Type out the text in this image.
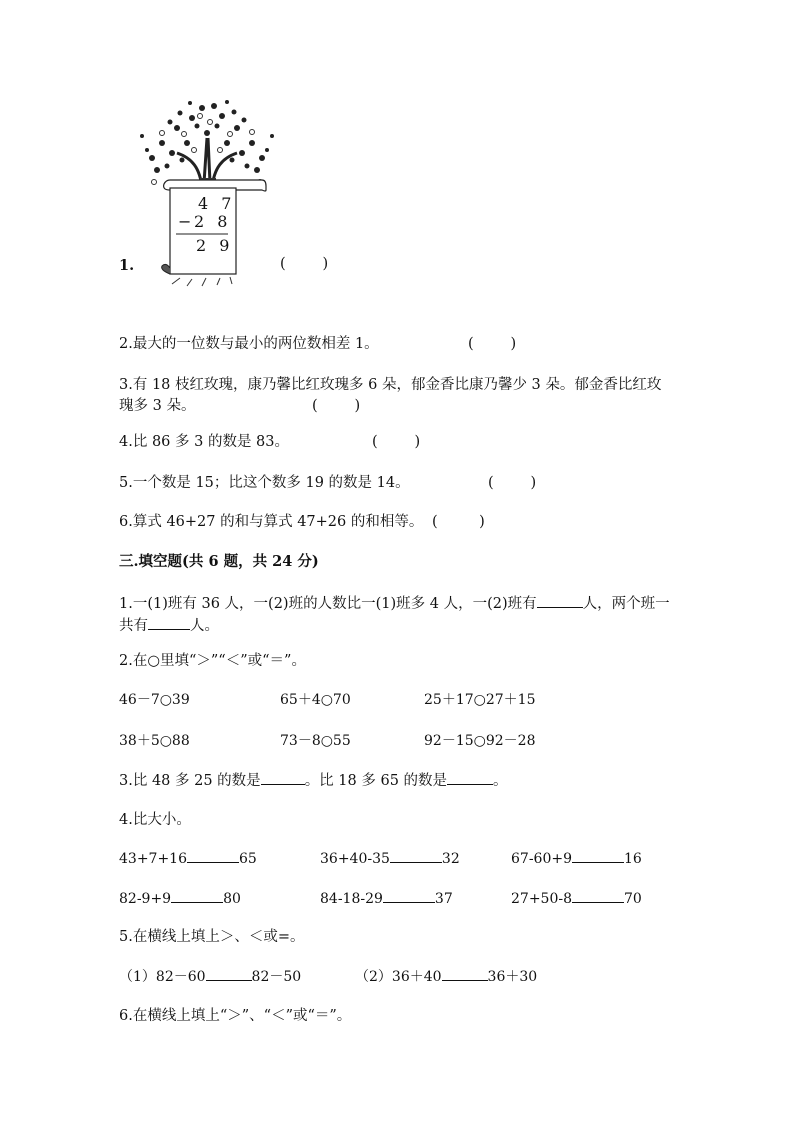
4 7
−
2 8
2 9
1.	(        )
2.最大的一位数与最小的两位数相差 1。	(        )
3.有 18 枝红玫瑰，康乃馨比红玫瑰多 6 朵，郁金香比康乃馨少 3 朵。郁金香比红玫瑰多 3 朵。	(        )
4.比 86 多 3 的数是 83。	(        )
5.一个数是 15；比这个数多 19 的数是 14。	(        )
6.算式 46+27 的和与算式 47+26 的和相等。 (         )
三.填空题(共 6 题，共 24 分)
1.一(1)班有 36 人，一(2)班的人数比一(1)班多 4 人，一(2)班有	人，两个班一共有	人。
2.在○里填“＞”“＜”或“＝”。
46－7○39	65＋4○70	25＋17○27＋15
38＋5○88	73－8○55	92－15○92－28
3.比 48 多 25 的数是	。比 18 多 65 的数是	。
4.比大小。
43+7+16	65	36+40-35	32	67-60+9	16
82-9+9	80	84-18-29	37	27+50-8	70
5.在横线上填上＞、＜或=。
（1）82－60	82－50	（2）36＋40	36＋30
6.在横线上填上“＞”、“＜”或“＝”。
